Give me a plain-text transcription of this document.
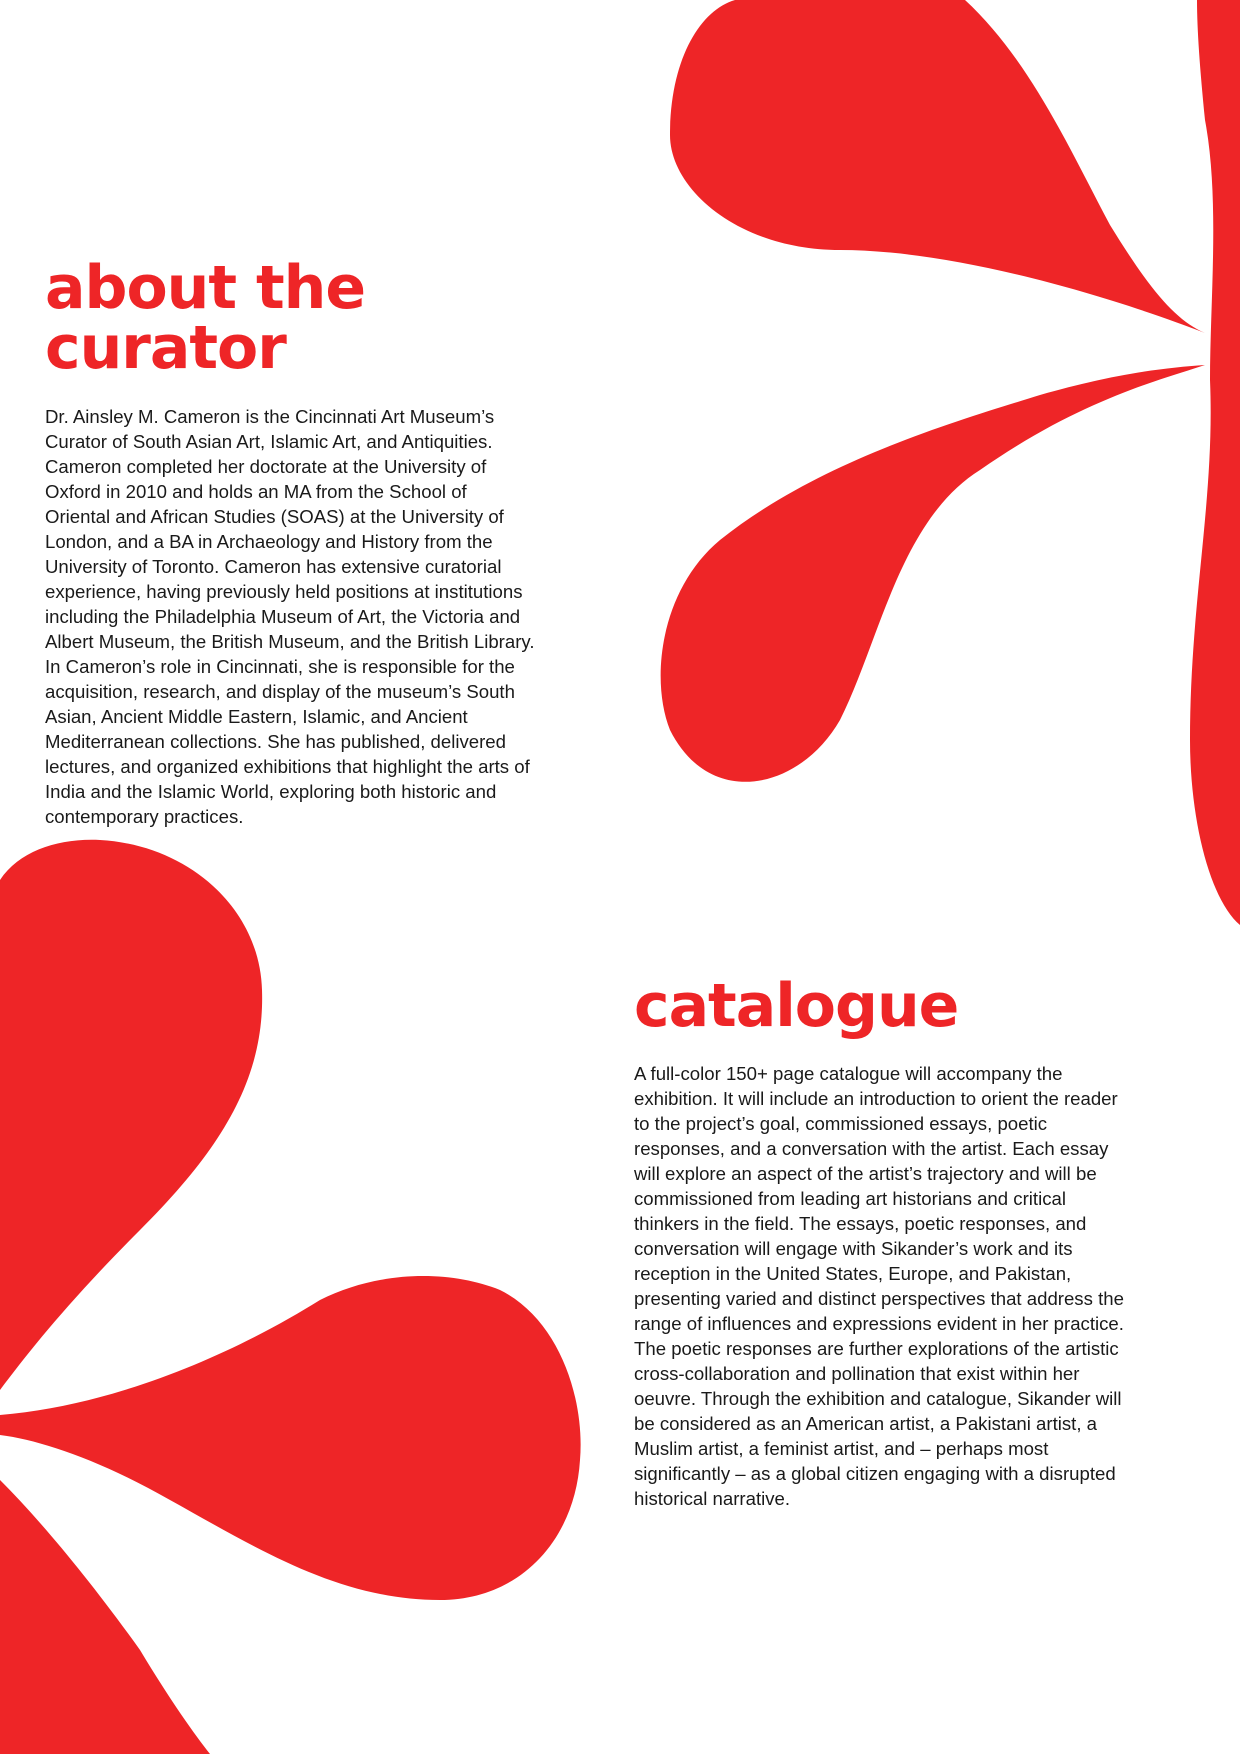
about the curator

Dr. Ainsley M. Cameron is the Cincinnati Art Museum’s Curator of South Asian Art, Islamic Art, and Antiquities. Cameron completed her doctorate at the University of Oxford in 2010 and holds an MA from the School of Oriental and African Studies (SOAS) at the University of London, and a BA in Archaeology and History from the University of Toronto. Cameron has extensive curatorial experience, having previously held positions at institutions including the Philadelphia Museum of Art, the Victoria and Albert Museum, the British Museum, and the British Library. In Cameron’s role in Cincinnati, she is responsible for the acquisition, research, and display of the museum’s South Asian, Ancient Middle Eastern, Islamic, and Ancient Mediterranean collections. She has published, delivered lectures, and organized exhibitions that highlight the arts of India and the Islamic World, exploring both historic and contemporary practices.

catalogue

A full-color 150+ page catalogue will accompany the exhibition. It will include an introduction to orient the reader to the project’s goal, commissioned essays, poetic responses, and a conversation with the artist. Each essay will explore an aspect of the artist’s trajectory and will be commissioned from leading art historians and critical thinkers in the field. The essays, poetic responses, and conversation will engage with Sikander’s work and its reception in the United States, Europe, and Pakistan, presenting varied and distinct perspectives that address the range of influences and expressions evident in her practice. The poetic responses are further explorations of the artistic cross-collaboration and pollination that exist within her oeuvre. Through the exhibition and catalogue, Sikander will be considered as an American artist, a Pakistani artist, a Muslim artist, a feminist artist, and – perhaps most significantly – as a global citizen engaging with a disrupted historical narrative.
